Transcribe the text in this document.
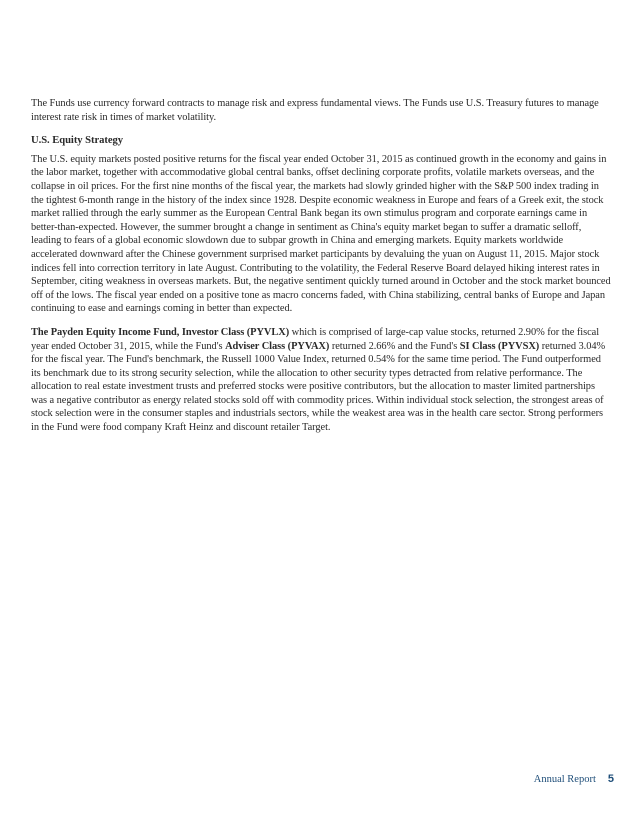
The Funds use currency forward contracts to manage risk and express fundamental views. The Funds use U.S. Treasury futures to manage interest rate risk in times of market volatility.

U.S. Equity Strategy

The U.S. equity markets posted positive returns for the fiscal year ended October 31, 2015 as continued growth in the economy and gains in the labor market, together with accommodative global central banks, offset declining corporate profits, volatile markets overseas, and the collapse in oil prices. For the first nine months of the fiscal year, the markets had slowly grinded higher with the S&P 500 index trading in the tightest 6-month range in the history of the index since 1928. Despite economic weakness in Europe and fears of a Greek exit, the stock market rallied through the early summer as the European Central Bank began its own stimulus program and corporate earnings came in better-than-expected. However, the summer brought a change in sentiment as China's equity market began to suffer a dramatic selloff, leading to fears of a global economic slowdown due to subpar growth in China and emerging markets. Equity markets worldwide accelerated downward after the Chinese government surprised market participants by devaluing the yuan on August 11, 2015. Major stock indices fell into correction territory in late August. Contributing to the volatility, the Federal Reserve Board delayed hiking interest rates in September, citing weakness in overseas markets. But, the negative sentiment quickly turned around in October and the stock market bounced off of the lows. The fiscal year ended on a positive tone as macro concerns faded, with China stabilizing, central banks of Europe and Japan continuing to ease and earnings coming in better than expected.

The Payden Equity Income Fund, Investor Class (PYVLX) which is comprised of large-cap value stocks, returned 2.90% for the fiscal year ended October 31, 2015, while the Fund's Adviser Class (PYVAX) returned 2.66% and the Fund's SI Class (PYVSX) returned 3.04% for the fiscal year. The Fund's benchmark, the Russell 1000 Value Index, returned 0.54% for the same time period. The Fund outperformed its benchmark due to its strong security selection, while the allocation to other security types detracted from relative performance. The allocation to real estate investment trusts and preferred stocks were positive contributors, but the allocation to master limited partnerships was a negative contributor as energy related stocks sold off with commodity prices. Within individual stock selection, the strongest areas of stock selection were in the consumer staples and industrials sectors, while the weakest area was in the health care sector. Strong performers in the Fund were food company Kraft Heinz and discount retailer Target.

Annual Report 5
